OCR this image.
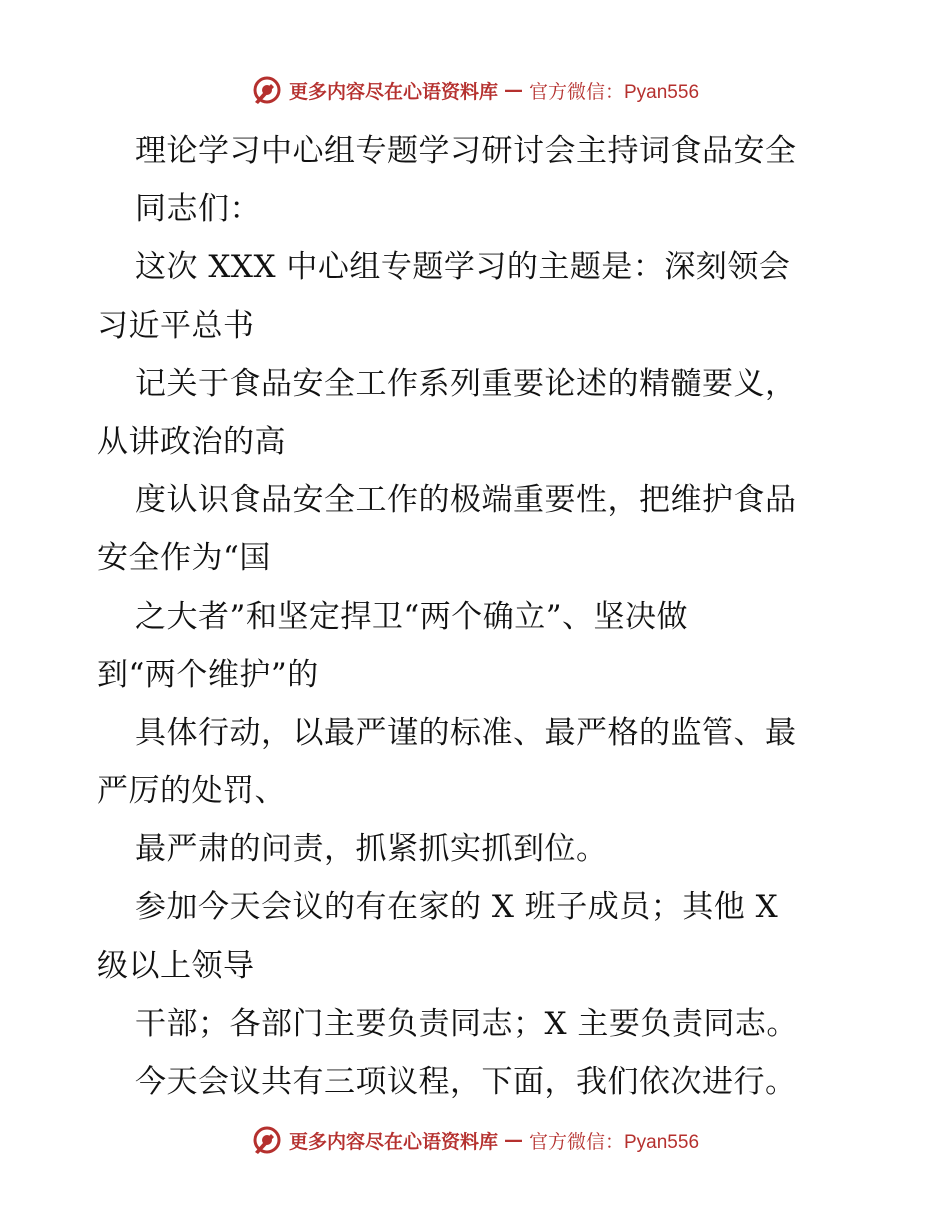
更多内容尽在心语资料库 — 官方微信：Pyan556
理论学习中心组专题学习研讨会主持词食品安全
同志们：
这次 XXX 中心组专题学习的主题是：深刻领会
习近平总书
记关于食品安全工作系列重要论述的精髓要义，
从讲政治的高
度认识食品安全工作的极端重要性，把维护食品
安全作为“国
之大者”和坚定捍卫“两个确立”、坚决做
到“两个维护”的
具体行动，以最严谨的标准、最严格的监管、最
严厉的处罚、
最严肃的问责，抓紧抓实抓到位。
参加今天会议的有在家的 X 班子成员；其他 X
级以上领导
干部；各部门主要负责同志；X 主要负责同志。
今天会议共有三项议程，下面，我们依次进行。
更多内容尽在心语资料库 — 官方微信：Pyan556
